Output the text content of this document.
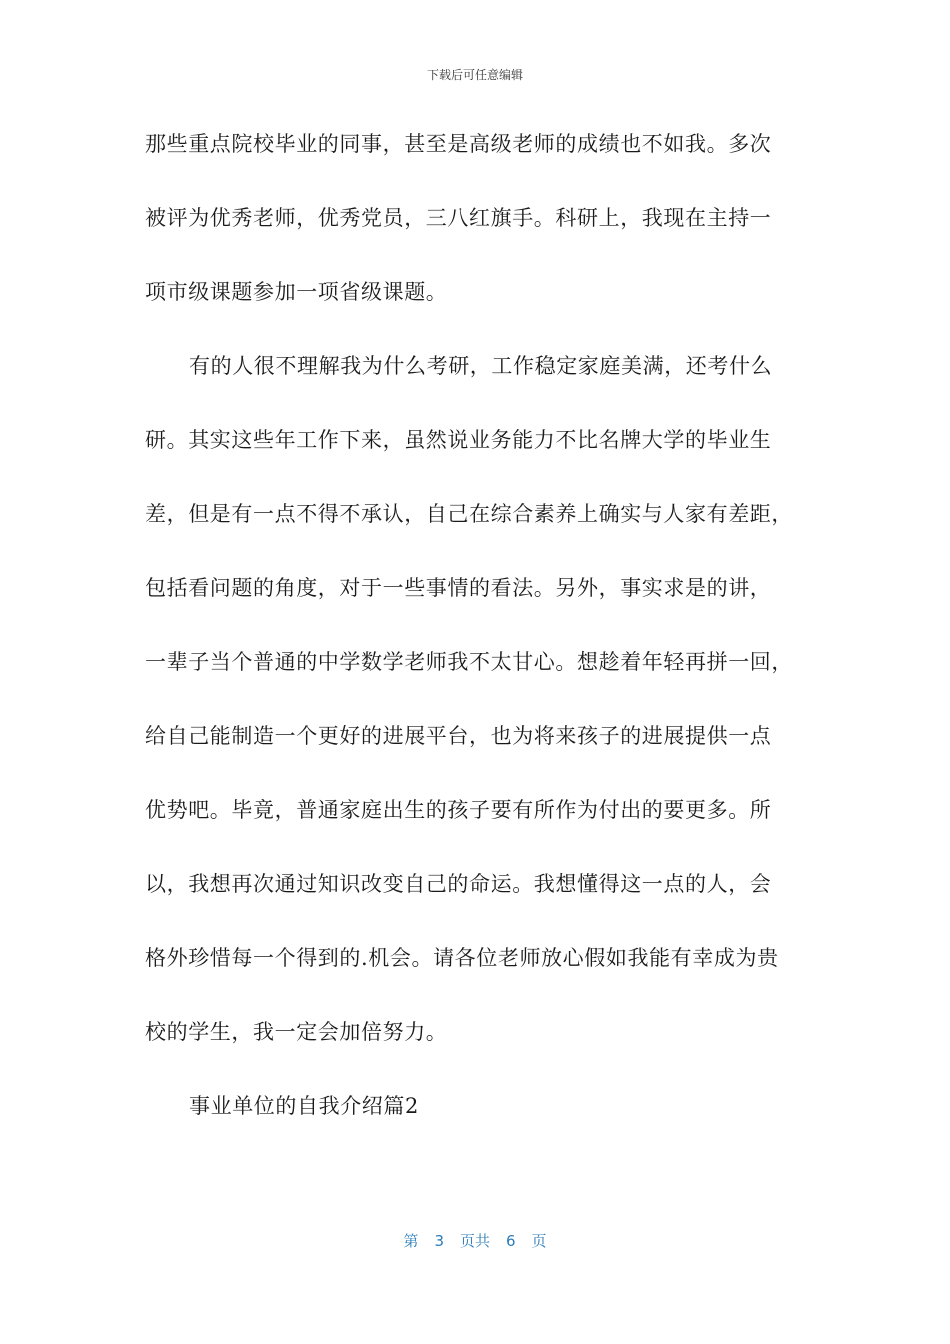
下载后可任意编辑
那些重点院校毕业的同事，甚至是高级老师的成绩也不如我。多次
被评为优秀老师，优秀党员，三八红旗手。科研上，我现在主持一
项市级课题参加一项省级课题。
有的人很不理解我为什么考研，工作稳定家庭美满，还考什么
研。其实这些年工作下来，虽然说业务能力不比名牌大学的毕业生
差，但是有一点不得不承认，自己在综合素养上确实与人家有差距，
包括看问题的角度，对于一些事情的看法。另外，事实求是的讲，
一辈子当个普通的中学数学老师我不太甘心。想趁着年轻再拼一回，
给自己能制造一个更好的进展平台，也为将来孩子的进展提供一点
优势吧。毕竟，普通家庭出生的孩子要有所作为付出的要更多。所
以，我想再次通过知识改变自己的命运。我想懂得这一点的人，会
格外珍惜每一个得到的.机会。请各位老师放心假如我能有幸成为贵
校的学生，我一定会加倍努力。
事业单位的自我介绍篇2
第 3 页共 6 页
